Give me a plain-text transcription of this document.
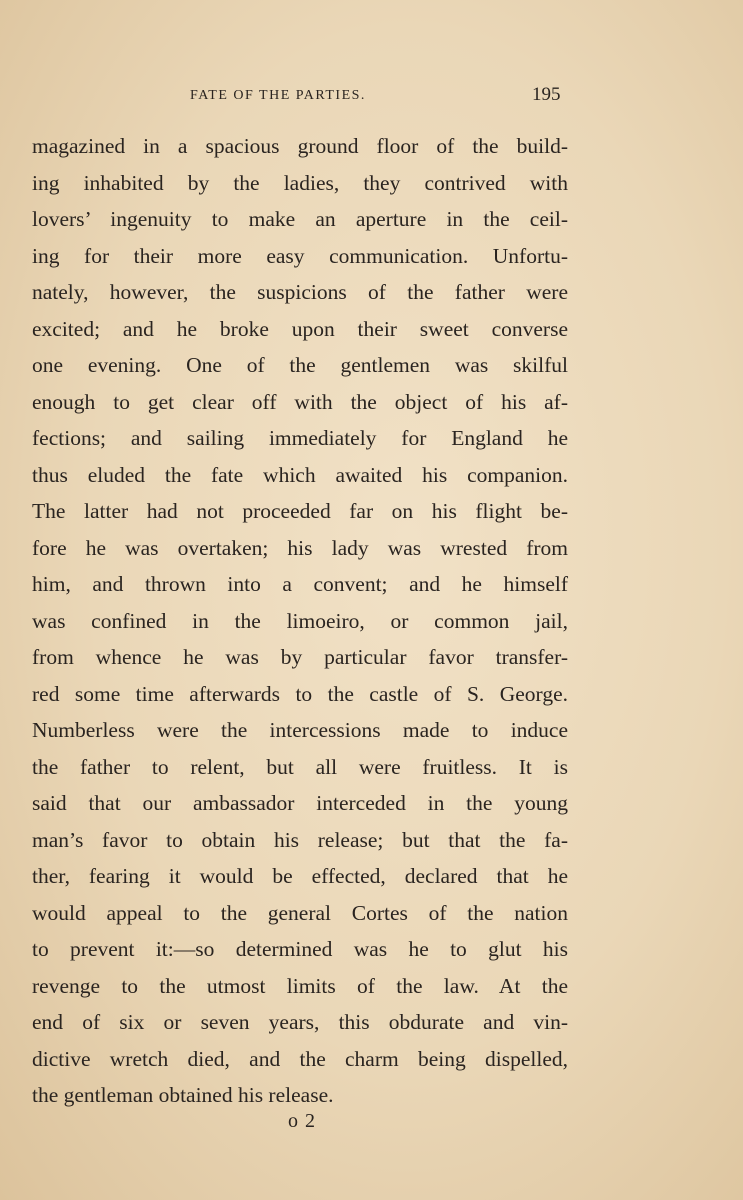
FATE OF THE PARTIES.	195
magazined in a spacious ground floor of the build-
ing inhabited by the ladies, they contrived with
lovers’ ingenuity to make an aperture in the ceil-
ing for their more easy communication. Unfortu-
nately, however, the suspicions of the father were
excited; and he broke upon their sweet converse
one evening. One of the gentlemen was skilful
enough to get clear off with the object of his af-
fections; and sailing immediately for England he
thus eluded the fate which awaited his companion.
The latter had not proceeded far on his flight be-
fore he was overtaken; his lady was wrested from
him, and thrown into a convent; and he himself
was confined in the limoeiro, or common jail,
from whence he was by particular favor transfer-
red some time afterwards to the castle of S. George.
Numberless were the intercessions made to induce
the father to relent, but all were fruitless. It is
said that our ambassador interceded in the young
man’s favor to obtain his release; but that the fa-
ther, fearing it would be effected, declared that he
would appeal to the general Cortes of the nation
to prevent it:—so determined was he to glut his
revenge to the utmost limits of the law. At the
end of six or seven years, this obdurate and vin-
dictive wretch died, and the charm being dispelled,
the gentleman obtained his release.
o 2
